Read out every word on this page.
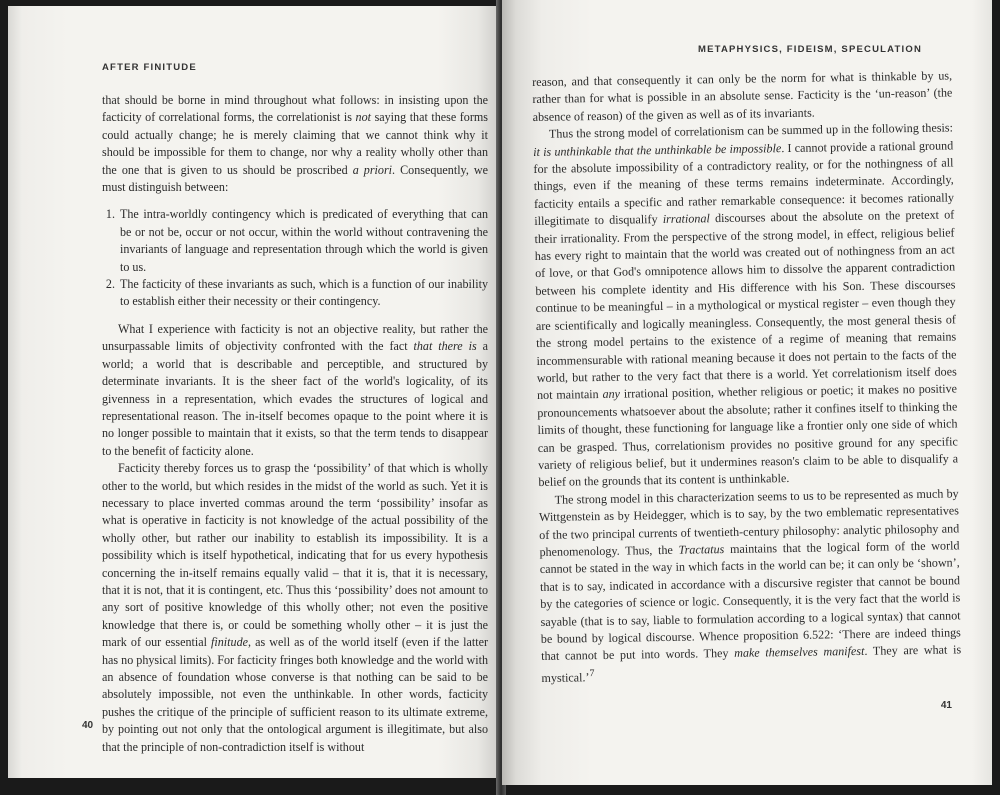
AFTER FINITUDE

that should be borne in mind throughout what follows: in insisting upon the facticity of correlational forms, the correlationist is not saying that these forms could actually change; he is merely claiming that we cannot think why it should be impossible for them to change, nor why a reality wholly other than the one that is given to us should be proscribed a priori. Consequently, we must distinguish between:

1. The intra-worldly contingency which is predicated of everything that can be or not be, occur or not occur, within the world without contravening the invariants of language and representation through which the world is given to us.
2. The facticity of these invariants as such, which is a function of our inability to establish either their necessity or their contingency.

What I experience with facticity is not an objective reality, but rather the unsurpassable limits of objectivity confronted with the fact that there is a world; a world that is describable and perceptible, and structured by determinate invariants. It is the sheer fact of the world's logicality, of its givenness in a representation, which evades the structures of logical and representational reason. The in-itself becomes opaque to the point where it is no longer possible to maintain that it exists, so that the term tends to disappear to the benefit of facticity alone.

Facticity thereby forces us to grasp the ‘possibility’ of that which is wholly other to the world, but which resides in the midst of the world as such. Yet it is necessary to place inverted commas around the term ‘possibility’ insofar as what is operative in facticity is not knowledge of the actual possibility of the wholly other, but rather our inability to establish its impossibility. It is a possibility which is itself hypothetical, indicating that for us every hypothesis concerning the in-itself remains equally valid – that it is, that it is necessary, that it is not, that it is contingent, etc. Thus this ‘possibility’ does not amount to any sort of positive knowledge of this wholly other; not even the positive knowledge that there is, or could be something wholly other – it is just the mark of our essential finitude, as well as of the world itself (even if the latter has no physical limits). For facticity fringes both knowledge and the world with an absence of foundation whose converse is that nothing can be said to be absolutely impossible, not even the unthinkable. In other words, facticity pushes the critique of the principle of sufficient reason to its ultimate extreme, by pointing out not only that the ontological argument is illegitimate, but also that the principle of non-contradiction itself is without

40
METAPHYSICS, FIDEISM, SPECULATION

reason, and that consequently it can only be the norm for what is thinkable by us, rather than for what is possible in an absolute sense. Facticity is the ‘un-reason’ (the absence of reason) of the given as well as of its invariants.

Thus the strong model of correlationism can be summed up in the following thesis: it is unthinkable that the unthinkable be impossible. I cannot provide a rational ground for the absolute impossibility of a contradictory reality, or for the nothingness of all things, even if the meaning of these terms remains indeterminate. Accordingly, facticity entails a specific and rather remarkable consequence: it becomes rationally illegitimate to disqualify irrational discourses about the absolute on the pretext of their irrationality. From the perspective of the strong model, in effect, religious belief has every right to maintain that the world was created out of nothingness from an act of love, or that God's omnipotence allows him to dissolve the apparent contradiction between his complete identity and His difference with his Son. These discourses continue to be meaningful – in a mythological or mystical register – even though they are scientifically and logically meaningless. Consequently, the most general thesis of the strong model pertains to the existence of a regime of meaning that remains incommensurable with rational meaning because it does not pertain to the facts of the world, but rather to the very fact that there is a world. Yet correlationism itself does not maintain any irrational position, whether religious or poetic; it makes no positive pronouncements whatsoever about the absolute; rather it confines itself to thinking the limits of thought, these functioning for language like a frontier only one side of which can be grasped. Thus, correlationism provides no positive ground for any specific variety of religious belief, but it undermines reason's claim to be able to disqualify a belief on the grounds that its content is unthinkable.

The strong model in this characterization seems to us to be represented as much by Wittgenstein as by Heidegger, which is to say, by the two emblematic representatives of the two principal currents of twentieth-century philosophy: analytic philosophy and phenomenology. Thus, the Tractatus maintains that the logical form of the world cannot be stated in the way in which facts in the world can be; it can only be ‘shown’, that is to say, indicated in accordance with a discursive register that cannot be bound by the categories of science or logic. Consequently, it is the very fact that the world is sayable (that is to say, liable to formulation according to a logical syntax) that cannot be bound by logical discourse. Whence proposition 6.522: ‘There are indeed things that cannot be put into words. They make themselves manifest. They are what is mystical.’$^7$

41
